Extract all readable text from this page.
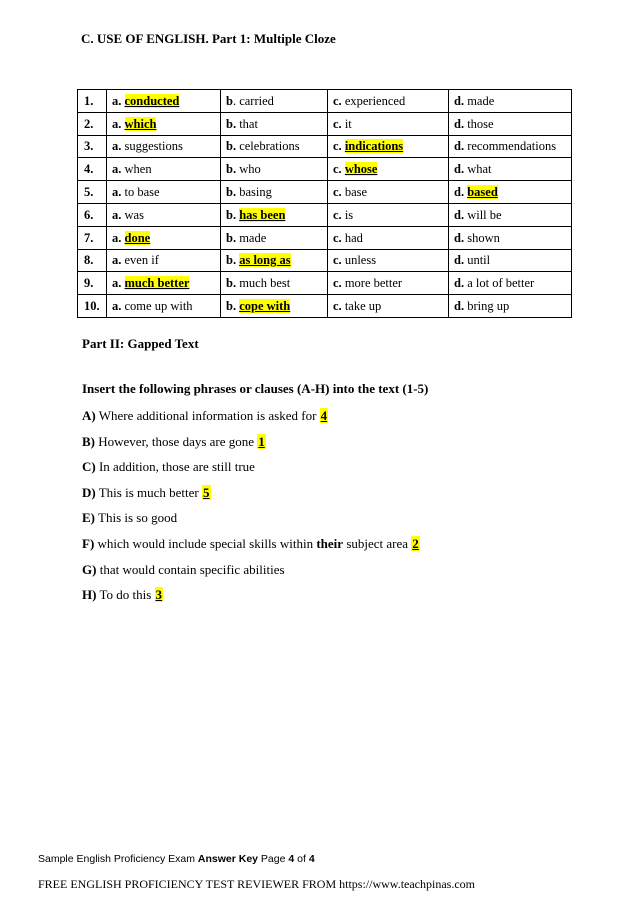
C. USE OF ENGLISH. Part 1: Multiple Cloze
1.	a. conducted	b. carried	c. experienced	d. made
2.	a. which	b. that	c. it	d. those
3.	a. suggestions	b. celebrations	c. indications	d. recommendations
4.	a. when	b. who	c. whose	d. what
5.	a. to base	b. basing	c. base	d. based
6.	a. was	b. has been	c. is	d. will be
7.	a. done	b. made	c. had	d. shown
8.	a. even if	b. as long as	c. unless	d. until
9.	a. much better	b. much best	c. more better	d. a lot of better
10.	a. come up with	b. cope with	c. take up	d. bring up
Part II: Gapped Text
Insert the following phrases or clauses (A-H) into the text (1-5)
A) Where additional information is asked for 4
B) However, those days are gone 1
C) In addition, those are still true
D) This is much better 5
E) This is so good
F) which would include special skills within their subject area 2
G) that would contain specific abilities
H) To do this 3
Sample English Proficiency Exam Answer Key Page 4 of 4
FREE ENGLISH PROFICIENCY TEST REVIEWER FROM https://www.teachpinas.com
